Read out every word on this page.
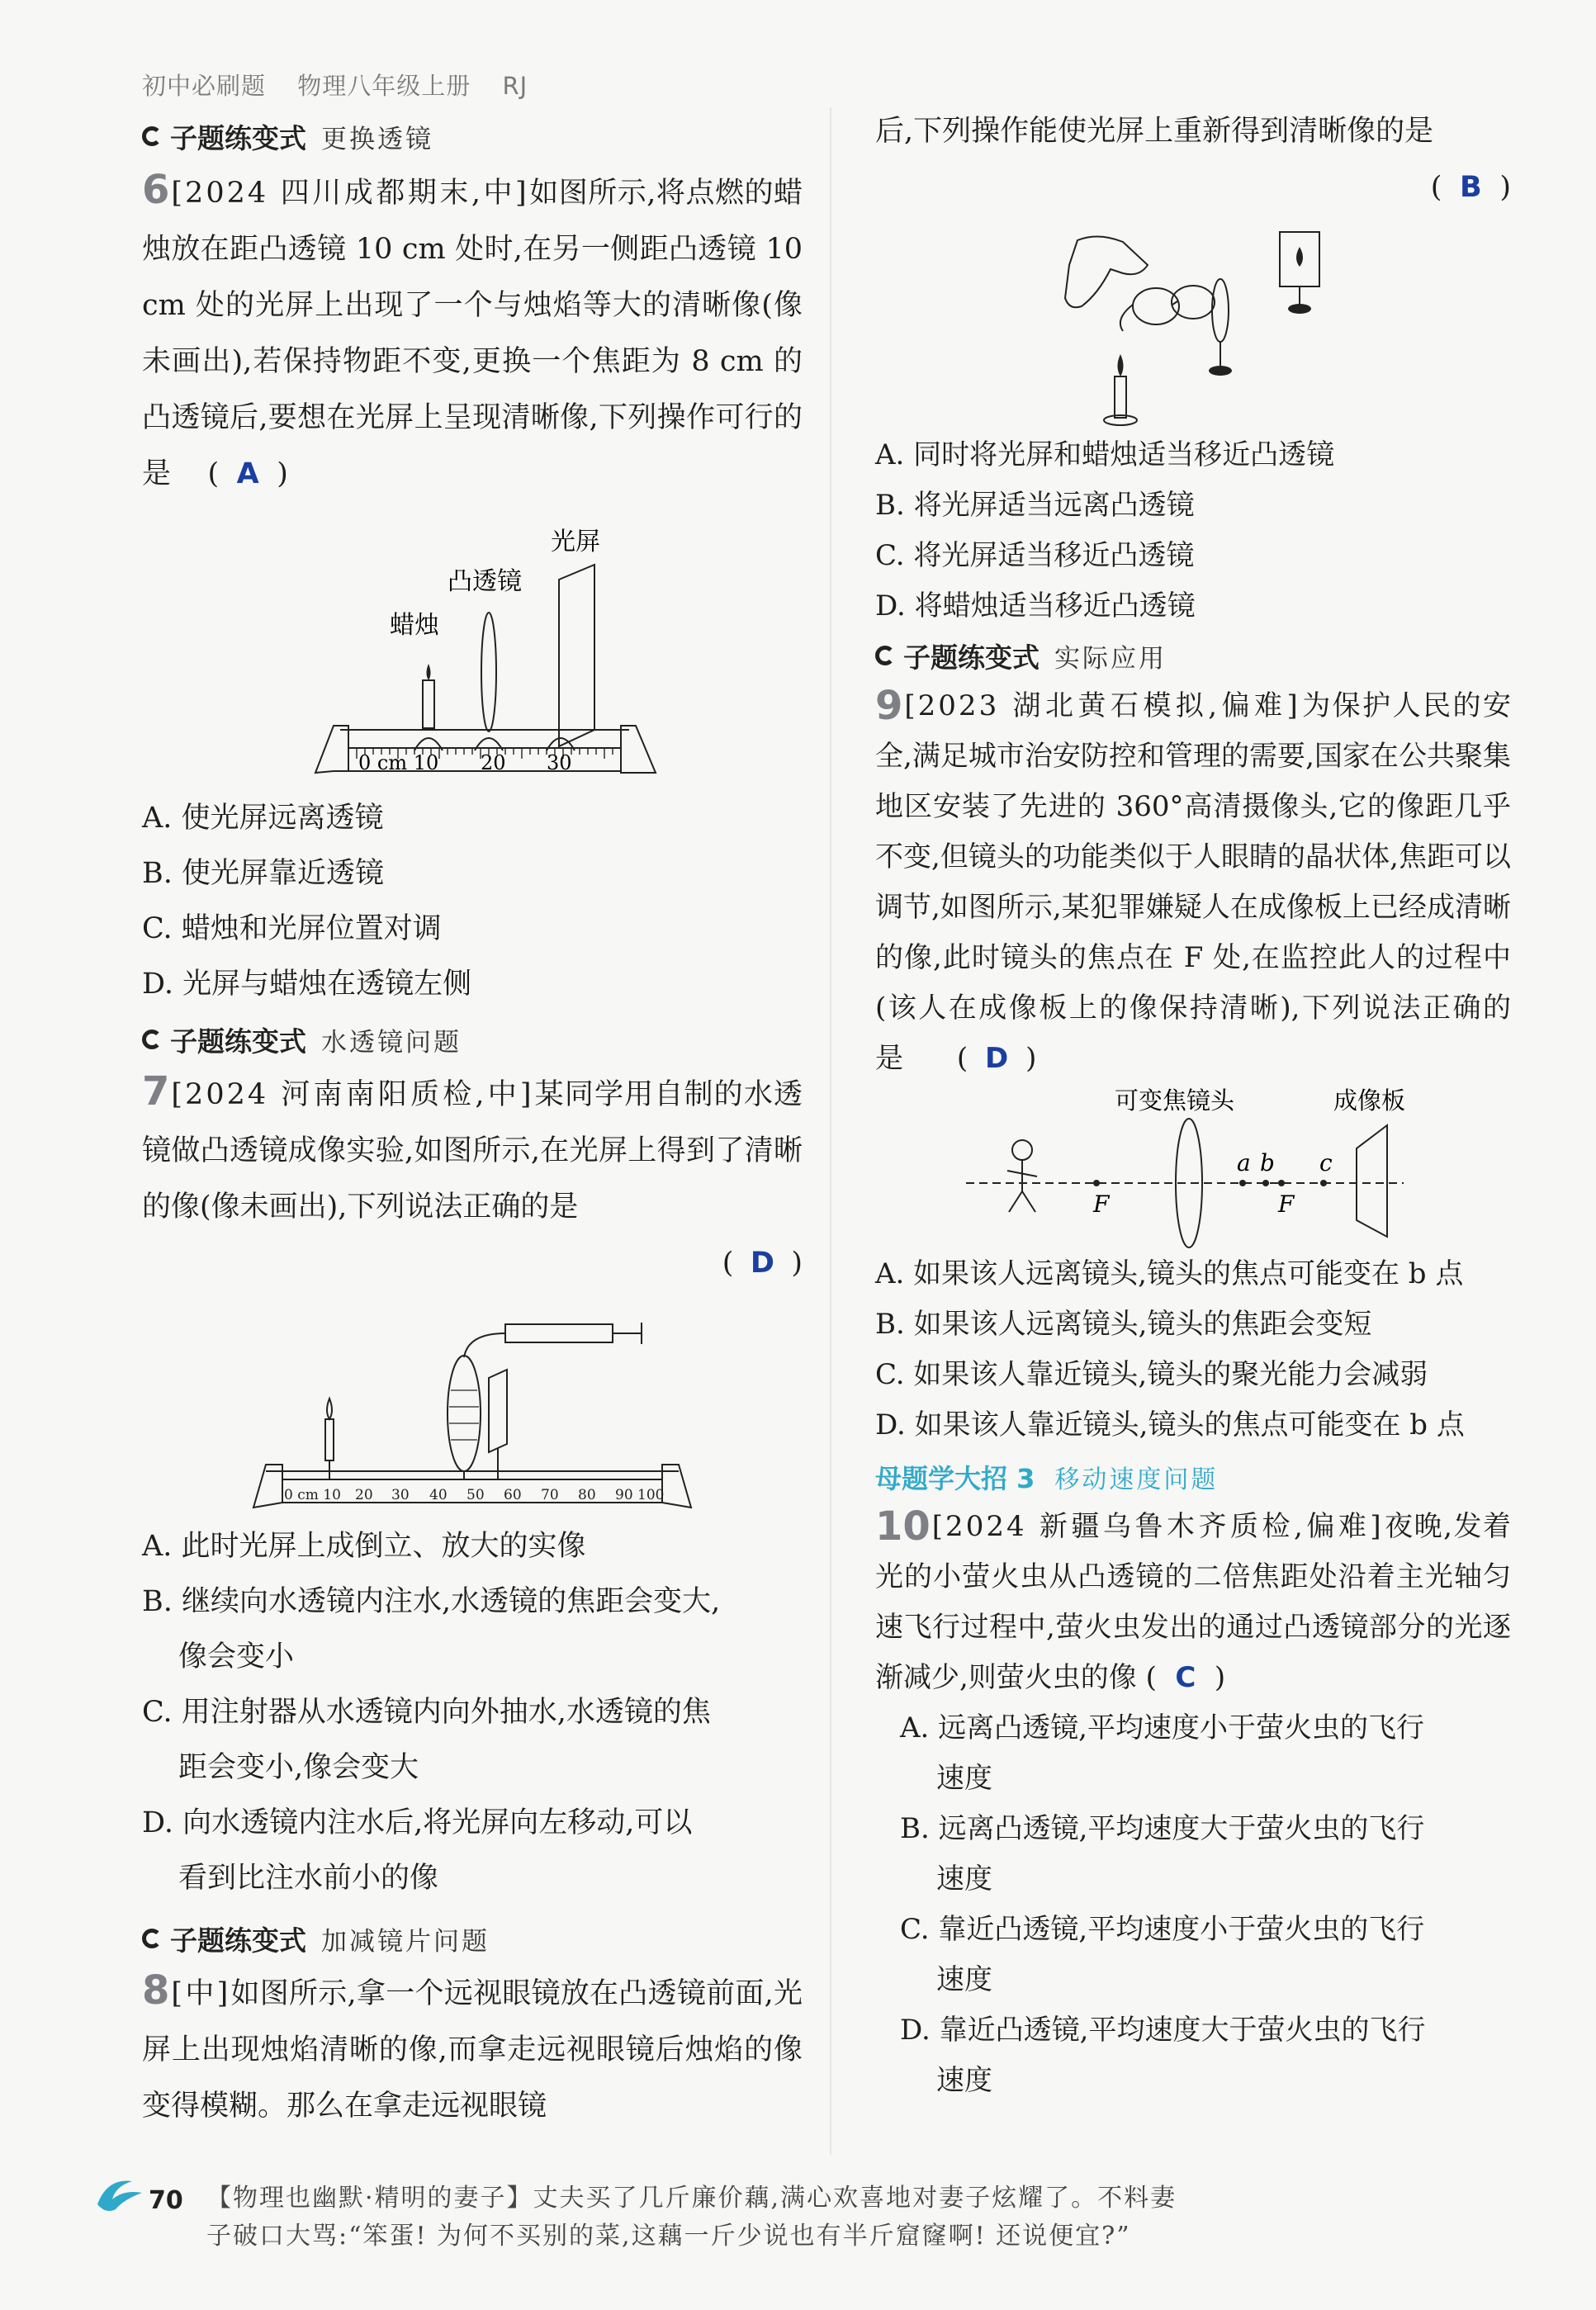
初中必刷题 物理八年级上册 RJ
子题练变式 更换透镜
6 [2024 四川成都期末,中]如图所示,将点燃的蜡烛放在距凸透镜 10 cm 处时,在另一侧距凸透镜 10 cm 处的光屏上出现了一个与烛焰等大的清晰像(像未画出),若保持物距不变,更换一个焦距为 8 cm 的凸透镜后,要想在光屏上呈现清晰像,下列操作可行的是    ( A )
光屏
凸透镜
蜡烛
0 cm 10 20 30
A. 使光屏远离透镜
B. 使光屏靠近透镜
C. 蜡烛和光屏位置对调
D. 光屏与蜡烛在透镜左侧
子题练变式 水透镜问题
7 [2024 河南南阳质检,中]某同学用自制的水透镜做凸透镜成像实验,如图所示,在光屏上得到了清晰的像(像未画出),下列说法正确的是
( D )
0 cm 10 20 30 40 50 60 70 80 90 100
A. 此时光屏上成倒立、放大的实像
B. 继续向水透镜内注水,水透镜的焦距会变大,
像会变小
C. 用注射器从水透镜内向外抽水,水透镜的焦
距会变小,像会变大
D. 向水透镜内注水后,将光屏向左移动,可以
看到比注水前小的像
子题练变式 加减镜片问题
8 [中]如图所示,拿一个远视眼镜放在凸透镜前面,光屏上出现烛焰清晰的像,而拿走远视眼镜后烛焰的像变得模糊。那么在拿走远视眼镜
后,下列操作能使光屏上重新得到清晰像的是
( B )
A. 同时将光屏和蜡烛适当移近凸透镜
B. 将光屏适当远离凸透镜
C. 将光屏适当移近凸透镜
D. 将蜡烛适当移近凸透镜
子题练变式 实际应用
9 [2023 湖北黄石模拟,偏难]为保护人民的安全,满足城市治安防控和管理的需要,国家在公共聚集地区安装了先进的 360°高清摄像头,它的像距几乎不变,但镜头的功能类似于人眼睛的晶状体,焦距可以调节,如图所示,某犯罪嫌疑人在成像板上已经成清晰的像,此时镜头的焦点在 F 处,在监控此人的过程中(该人在成像板上的像保持清晰),下列说法正确的是      ( D )
可变焦镜头	成像板
F
a b
F
c
A. 如果该人远离镜头,镜头的焦点可能变在 b 点
B. 如果该人远离镜头,镜头的焦距会变短
C. 如果该人靠近镜头,镜头的聚光能力会减弱
D. 如果该人靠近镜头,镜头的焦点可能变在 b 点
母题学大招 3 移动速度问题
10 [2024 新疆乌鲁木齐质检,偏难]夜晚,发着光的小萤火虫从凸透镜的二倍焦距处沿着主光轴匀速飞行过程中,萤火虫发出的通过凸透镜部分的光逐渐减少,则萤火虫的像 ( C )
A. 远离凸透镜,平均速度小于萤火虫的飞行
速度
B. 远离凸透镜,平均速度大于萤火虫的飞行
速度
C. 靠近凸透镜,平均速度小于萤火虫的飞行
速度
D. 靠近凸透镜,平均速度大于萤火虫的飞行
速度
70 【物理也幽默·精明的妻子】丈夫买了几斤廉价藕,满心欢喜地对妻子炫耀了。不料妻
子破口大骂:“笨蛋! 为何不买别的菜,这藕一斤少说也有半斤窟窿啊! 还说便宜?”
